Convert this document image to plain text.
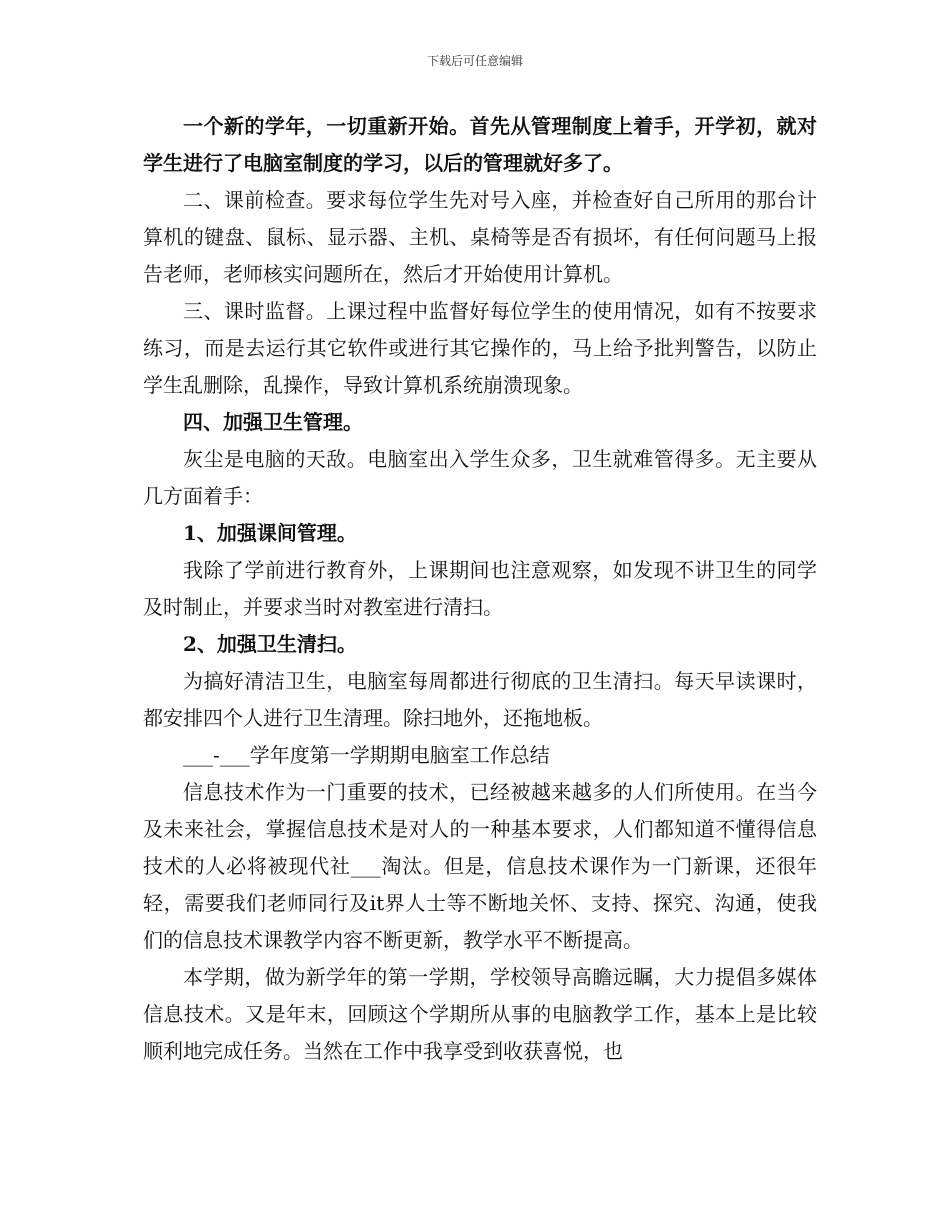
下载后可任意编辑

一个新的学年，一切重新开始。首先从管理制度上着手，开学初，就对学生进行了电脑室制度的学习，以后的管理就好多了。

二、课前检查。要求每位学生先对号入座，并检查好自己所用的那台计算机的键盘、鼠标、显示器、主机、桌椅等是否有损坏，有任何问题马上报告老师，老师核实问题所在，然后才开始使用计算机。

三、课时监督。上课过程中监督好每位学生的使用情况，如有不按要求练习，而是去运行其它软件或进行其它操作的，马上给予批判警告，以防止学生乱删除，乱操作，导致计算机系统崩溃现象。

四、加强卫生管理。

灰尘是电脑的天敌。电脑室出入学生众多，卫生就难管得多。无主要从几方面着手：

1、加强课间管理。

我除了学前进行教育外，上课期间也注意观察，如发现不讲卫生的同学及时制止，并要求当时对教室进行清扫。

2、加强卫生清扫。

为搞好清洁卫生，电脑室每周都进行彻底的卫生清扫。每天早读课时，都安排四个人进行卫生清理。除扫地外，还拖地板。

___-___学年度第一学期期电脑室工作总结

信息技术作为一门重要的技术，已经被越来越多的人们所使用。在当今及未来社会，掌握信息技术是对人的一种基本要求，人们都知道不懂得信息技术的人必将被现代社___淘汰。但是，信息技术课作为一门新课，还很年轻，需要我们老师同行及it界人士等不断地关怀、支持、探究、沟通，使我们的信息技术课教学内容不断更新，教学水平不断提高。

本学期，做为新学年的第一学期，学校领导高瞻远瞩，大力提倡多媒体信息技术。又是年末，回顾这个学期所从事的电脑教学工作，基本上是比较顺利地完成任务。当然在工作中我享受到收获喜悦，也
